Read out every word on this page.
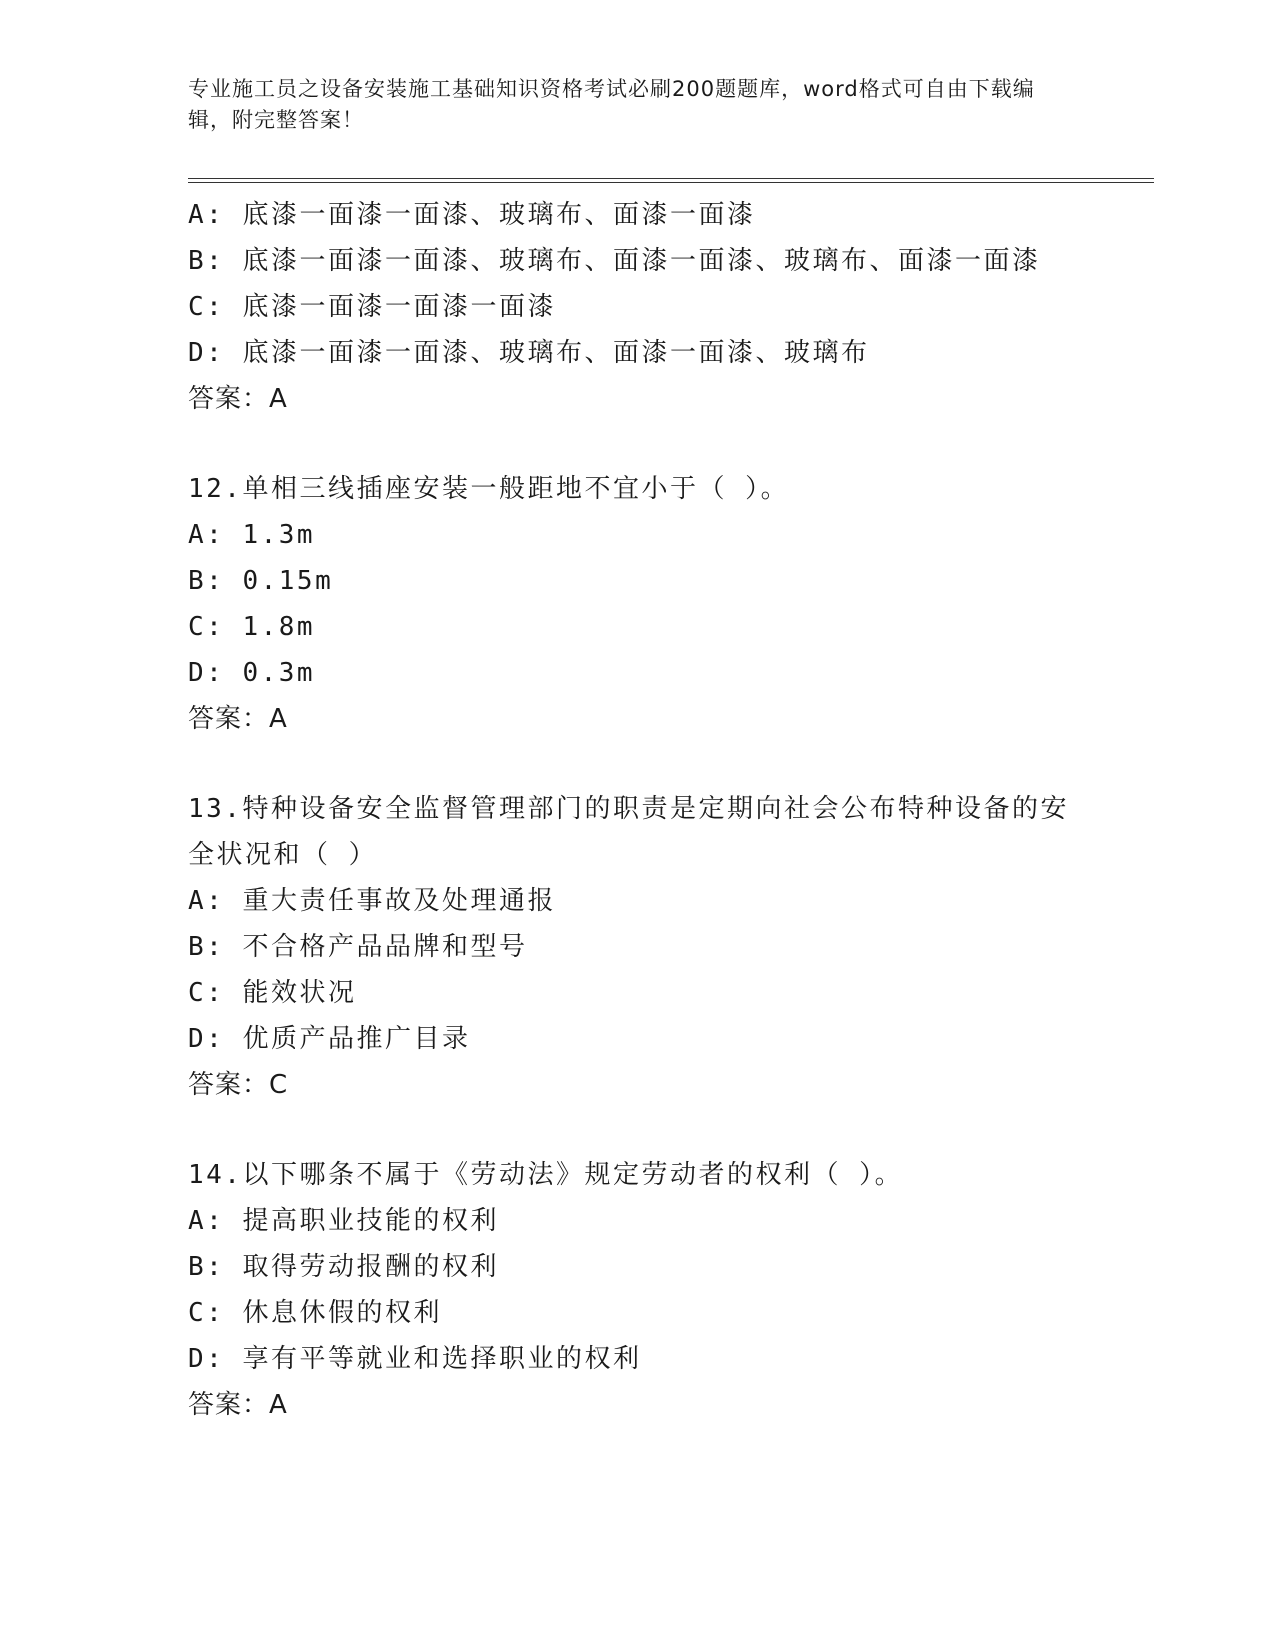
专业施工员之设备安装施工基础知识资格考试必刷200题题库，word格式可自由下载编辑，附完整答案！
A: 底漆一面漆一面漆、玻璃布、面漆一面漆
B: 底漆一面漆一面漆、玻璃布、面漆一面漆、玻璃布、面漆一面漆
C: 底漆一面漆一面漆一面漆
D: 底漆一面漆一面漆、玻璃布、面漆一面漆、玻璃布
答案：A
12.单相三线插座安装一般距地不宜小于（ ）。
A: 1.3m
B: 0.15m
C: 1.8m
D: 0.3m
答案：A
13.特种设备安全监督管理部门的职责是定期向社会公布特种设备的安
全状况和（ ）
A: 重大责任事故及处理通报
B: 不合格产品品牌和型号
C: 能效状况
D: 优质产品推广目录
答案：C
14.以下哪条不属于《劳动法》规定劳动者的权利（ ）。
A: 提高职业技能的权利
B: 取得劳动报酬的权利
C: 休息休假的权利
D: 享有平等就业和选择职业的权利
答案：A
